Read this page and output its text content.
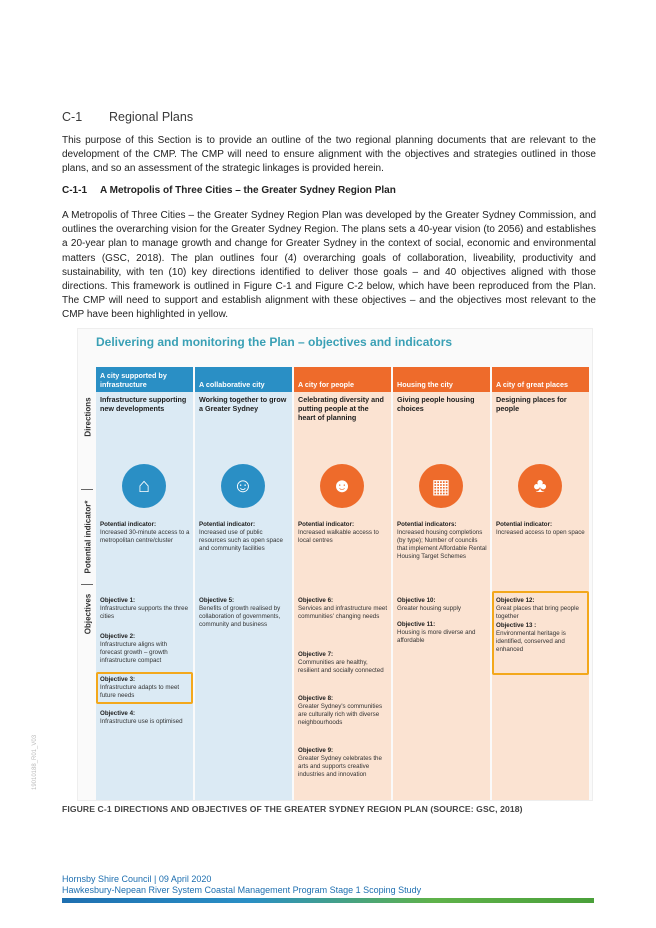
C-1 Regional Plans

This purpose of this Section is to provide an outline of the two regional planning documents that are relevant to the development of the CMP. The CMP will need to ensure alignment with the objectives and strategies outlined in those plans, and so an assessment of the strategic linkages is provided herein.

C-1-1 A Metropolis of Three Cities – the Greater Sydney Region Plan

A Metropolis of Three Cities – the Greater Sydney Region Plan was developed by the Greater Sydney Commission, and outlines the overarching vision for the Greater Sydney Region. The plans sets a 40-year vision (to 2056) and establishes a 20-year plan to manage growth and change for Greater Sydney in the context of social, economic and environmental matters (GSC, 2018). The plan outlines four (4) overarching goals of collaboration, liveability, productivity and sustainability, with ten (10) key directions identified to deliver those goals – and 40 objectives aligned with those directions. This framework is outlined in Figure C-1 and Figure C-2 below, which have been reproduced from the Plan. The CMP will need to support and establish alignment with these objectives – and the objectives most relevant to the CMP have been highlighted in yellow.

Delivering and monitoring the Plan – objectives and indicators
Directions
Potential indicator*
Objectives
A city supported by infrastructure
Infrastructure supporting new developments
⌂
Potential indicator:
Increased 30-minute access to a metropolitan centre/cluster
Objective 1:
Infrastructure supports the three cities
Objective 2:
Infrastructure aligns with forecast growth – growth infrastructure compact
Objective 3:
Infrastructure adapts to meet future needs
Objective 4:
Infrastructure use is optimised
A collaborative city
Working together to grow a Greater Sydney
☺
Potential indicator:
Increased use of public resources such as open space and community facilities
Objective 5:
Benefits of growth realised by collaboration of governments, community and business
A city for people
Celebrating diversity and putting people at the heart of planning
☻
Potential indicator:
Increased walkable access to local centres
Objective 6:
Services and infrastructure meet communities' changing needs
Objective 7:
Communities are healthy, resilient and socially connected
Objective 8:
Greater Sydney's communities are culturally rich with diverse neighbourhoods
Objective 9:
Greater Sydney celebrates the arts and supports creative industries and innovation
Housing the city
Giving people housing choices
▦
Potential indicators:
Increased housing completions (by type); Number of councils that implement Affordable Rental Housing Target Schemes
Objective 10:
Greater housing supply
Objective 11:
Housing is more diverse and affordable
A city of great places
Designing places for people
♣
Potential indicator:
Increased access to open space
Objective 12:
Great places that bring people together
Objective 13 :
Environmental heritage is identified, conserved and enhanced
19010188_R01_V03
FIGURE C-1 DIRECTIONS AND OBJECTIVES OF THE GREATER SYDNEY REGION PLAN (SOURCE: GSC, 2018)
Hornsby Shire Council | 09 April 2020
Hawkesbury-Nepean River System Coastal Management Program Stage 1 Scoping Study
